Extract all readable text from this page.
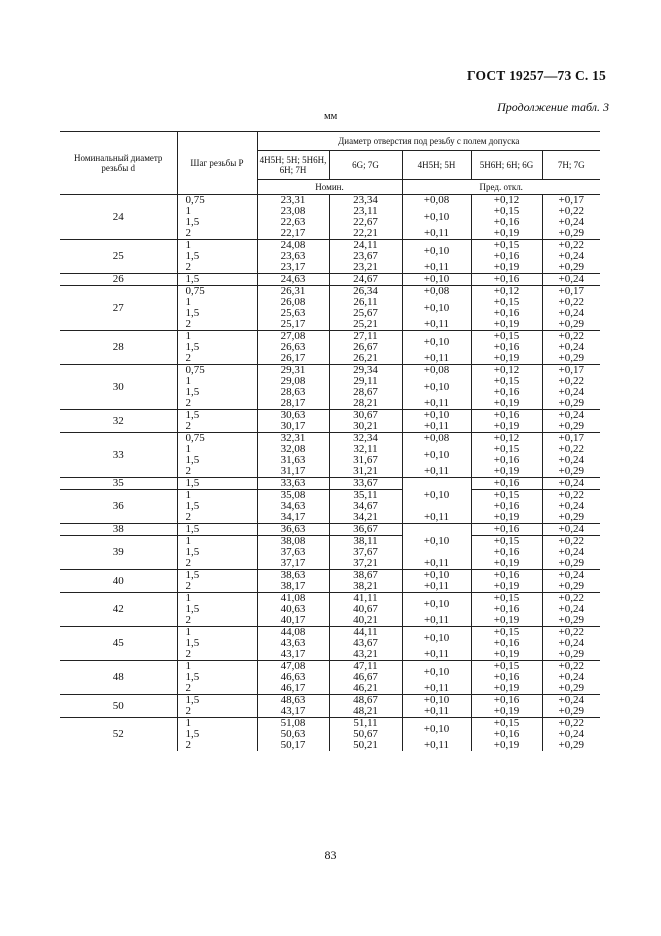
ГОСТ 19257—73 С. 15
Продолжение табл. 3
мм
Номинальный диаметр резьбы d	Шаг резьбы P	Диаметр отверстия под резьбу с полем допуска				
		4H5H; 5H; 5H6H, 6H; 7H	6G; 7G	4H5H; 5H	5H6H; 6H; 6G	7H; 7G
		Номин.		Пред. откл.		
24	0,75	23,31	23,34	+0,08	+0,12	+0,17
	1	23,08	23,11	+0,10	+0,15	+0,22
	1,5	22,63	22,67		+0,16	+0,24
	2	22,17	22,21	+0,11	+0,19	+0,29
25	1	24,08	24,11	+0,10	+0,15	+0,22
	1,5	23,63	23,67		+0,16	+0,24
	2	23,17	23,21	+0,11	+0,19	+0,29
26	1,5	24,63	24,67	+0,10	+0,16	+0,24
27	0,75	26,31	26,34	+0,08	+0,12	+0,17
	1	26,08	26,11	+0,10	+0,15	+0,22
	1,5	25,63	25,67		+0,16	+0,24
	2	25,17	25,21	+0,11	+0,19	+0,29
28	1	27,08	27,11	+0,10	+0,15	+0,22
	1,5	26,63	26,67		+0,16	+0,24
	2	26,17	26,21	+0,11	+0,19	+0,29
30	0,75	29,31	29,34	+0,08	+0,12	+0,17
	1	29,08	29,11	+0,10	+0,15	+0,22
	1,5	28,63	28,67		+0,16	+0,24
	2	28,17	28,21	+0,11	+0,19	+0,29
32	1,5	30,63	30,67	+0,10	+0,16	+0,24
	2	30,17	30,21	+0,11	+0,19	+0,29
33	0,75	32,31	32,34	+0,08	+0,12	+0,17
	1	32,08	32,11	+0,10	+0,15	+0,22
	1,5	31,63	31,67		+0,16	+0,24
	2	31,17	31,21	+0,11	+0,19	+0,29
35	1,5	33,63	33,67	+0,10	+0,16	+0,24
36	1	35,08	35,11		+0,15	+0,22
	1,5	34,63	34,67		+0,16	+0,24
	2	34,17	34,21	+0,11	+0,19	+0,29
38	1,5	36,63	36,67	+0,10	+0,16	+0,24
39	1	38,08	38,11		+0,15	+0,22
	1,5	37,63	37,67		+0,16	+0,24
	2	37,17	37,21	+0,11	+0,19	+0,29
40	1,5	38,63	38,67	+0,10	+0,16	+0,24
	2	38,17	38,21	+0,11	+0,19	+0,29
42	1	41,08	41,11	+0,10	+0,15	+0,22
	1,5	40,63	40,67		+0,16	+0,24
	2	40,17	40,21	+0,11	+0,19	+0,29
45	1	44,08	44,11	+0,10	+0,15	+0,22
	1,5	43,63	43,67		+0,16	+0,24
	2	43,17	43,21	+0,11	+0,19	+0,29
48	1	47,08	47,11	+0,10	+0,15	+0,22
	1,5	46,63	46,67		+0,16	+0,24
	2	46,17	46,21	+0,11	+0,19	+0,29
50	1,5	48,63	48,67	+0,10	+0,16	+0,24
	2	43,17	48,21	+0,11	+0,19	+0,29
52	1	51,08	51,11	+0,10	+0,15	+0,22
	1,5	50,63	50,67		+0,16	+0,24
	2	50,17	50,21	+0,11	+0,19	+0,29
83
